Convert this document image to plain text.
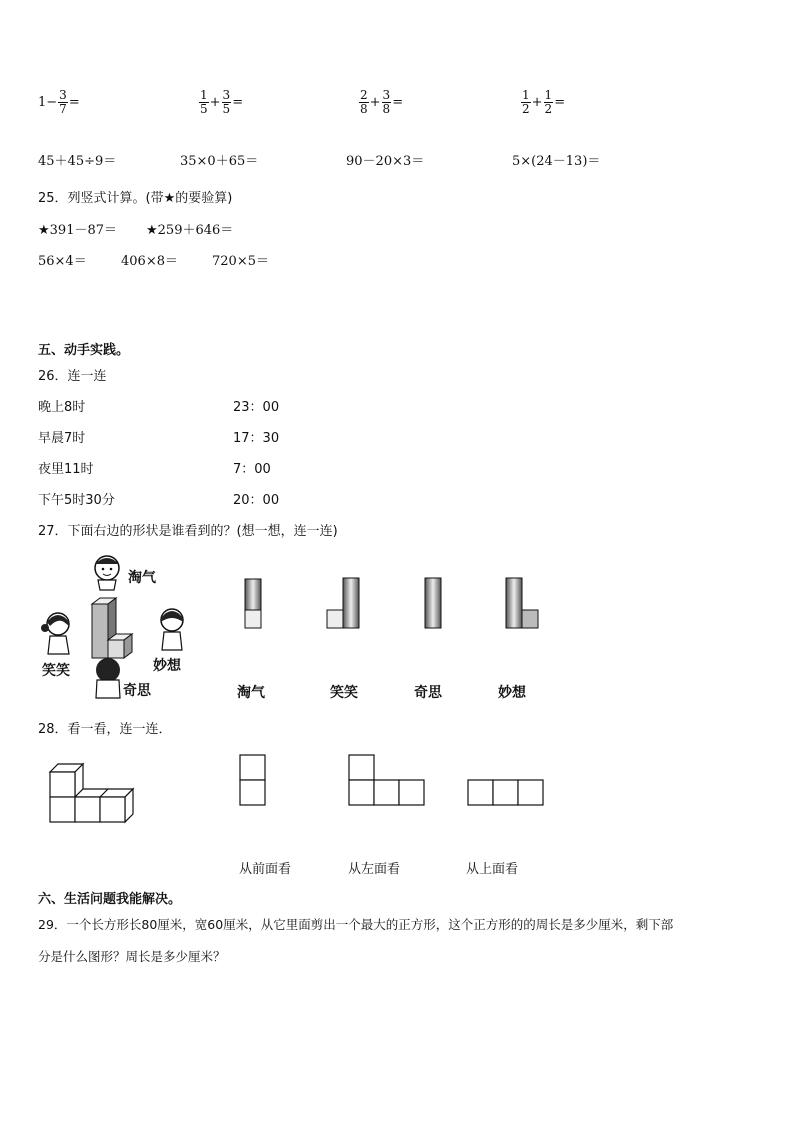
$1- \frac{3}{7}$ =	$\frac{1}{5} + \frac{3}{5}$ =	$\frac{2}{8} + \frac{3}{8}$ =	$\frac{1}{2} + \frac{1}{2}$ =
45＋45÷9＝	35×0＋65＝	90－20×3＝	5×(24－13)＝
25．列竖式计算。(带★的要验算)
★391－87＝ ★259＋646＝
56×4＝	406×8＝	720×5＝
五、动手实践。
26．连一连
晚上8时
早晨7时
夜里11时
下午5时30分
23：00
17：30
7：00
20：00
27．下面右边的形状是谁看到的？(想一想，连一连)
淘气
笑笑	妙想
奇思	淘气	笑笑	奇思	妙想
28．看一看，连一连．
从前面看	从左面看	从上面看
六、生活问题我能解决。
29．一个长方形长80厘米，宽60厘米，从它里面剪出一个最大的正方形，这个正方形的的周长是多少厘米，剩下部
分是什么图形？周长是多少厘米？
